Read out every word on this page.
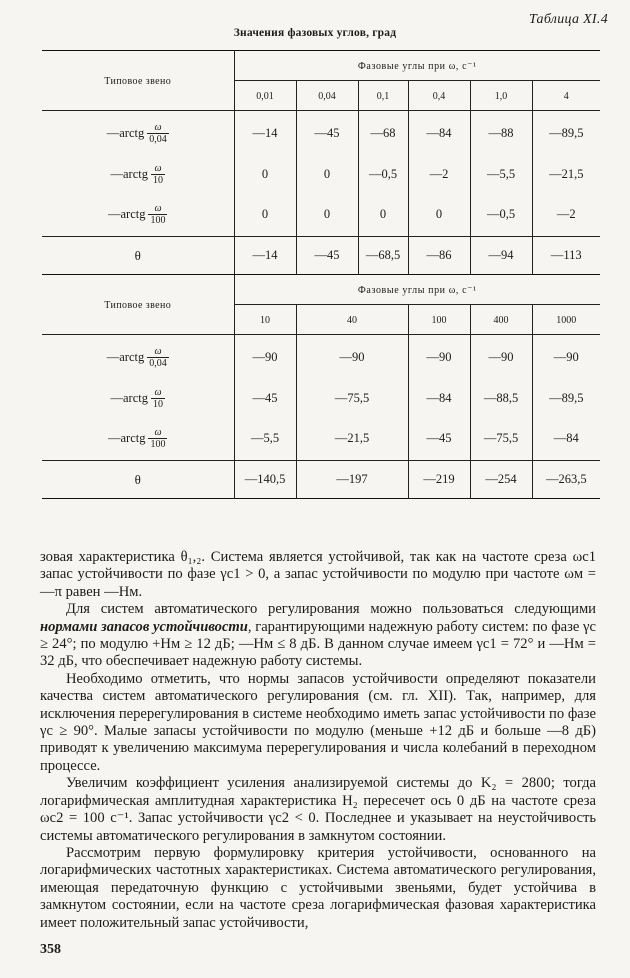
Таблица XI.4
Значения фазовых углов, град
Типовое звено	Фазовые углы при ω, с⁻¹					
	0,01	0,04	0,1	0,4	1,0	4

—arctg $\frac{\omega}{0,04}$	—14	—45	—68	—84	—88	—89,5

—arctg $\frac{\omega}{10}$	0	0	—0,5	—2	—5,5	—21,5

—arctg $\frac{\omega}{100}$	0	0	0	0	—0,5	—2
θ	—14	—45	—68,5	—86	—94	—113
Типовое звено	Фазовые углы при ω, с⁻¹					
	10	40		100	400	1000

—arctg $\frac{\omega}{0,04}$	—90	—90		—90	—90	—90

—arctg $\frac{\omega}{10}$	—45	—75,5		—84	—88,5	—89,5

—arctg $\frac{\omega}{100}$	—5,5	—21,5		—45	—75,5	—84
θ	—140,5	—197		—219	—254	—263,5

зовая характеристика θ₁,₂. Система является устойчивой, так как на частоте среза ωс1 запас устойчивости по фазе γс1 > 0, а запас устойчивости по модулю при частоте ωм = —π равен —Hм.

Для систем автоматического регулирования можно пользоваться следующими нормами запасов устойчивости, гарантирующими надежную работу систем: по фазе γс ≥ 24°; по модулю +Hм ≥ 12 дБ; —Hм ≤ 8 дБ. В данном случае имеем γс1 = 72° и —Hм = 32 дБ, что обеспечивает надежную работу системы.

Необходимо отметить, что нормы запасов устойчивости определяют показатели качества систем автоматического регулирования (см. гл. XII). Так, например, для исключения перерегулирования в системе необходимо иметь запас устойчивости по фазе γс ≥ 90°. Малые запасы устойчивости по модулю (меньше +12 дБ и больше —8 дБ) приводят к увеличению максимума перерегулирования и числа колебаний в переходном процессе.

Увеличим коэффициент усиления анализируемой системы до K₂ = 2800; тогда логарифмическая амплитудная характеристика H₂ пересечет ось 0 дБ на частоте среза ωс2 = 100 с⁻¹. Запас устойчивости γс2 < 0. Последнее и указывает на неустойчивость системы автоматического регулирования в замкнутом состоянии.

Рассмотрим первую формулировку критерия устойчивости, основанного на логарифмических частотных характеристиках. Система автоматического регулирования, имеющая передаточную функцию с устойчивыми звеньями, будет устойчива в замкнутом состоянии, если на частоте среза логарифмическая фазовая характеристика имеет положительный запас устойчивости,

358
